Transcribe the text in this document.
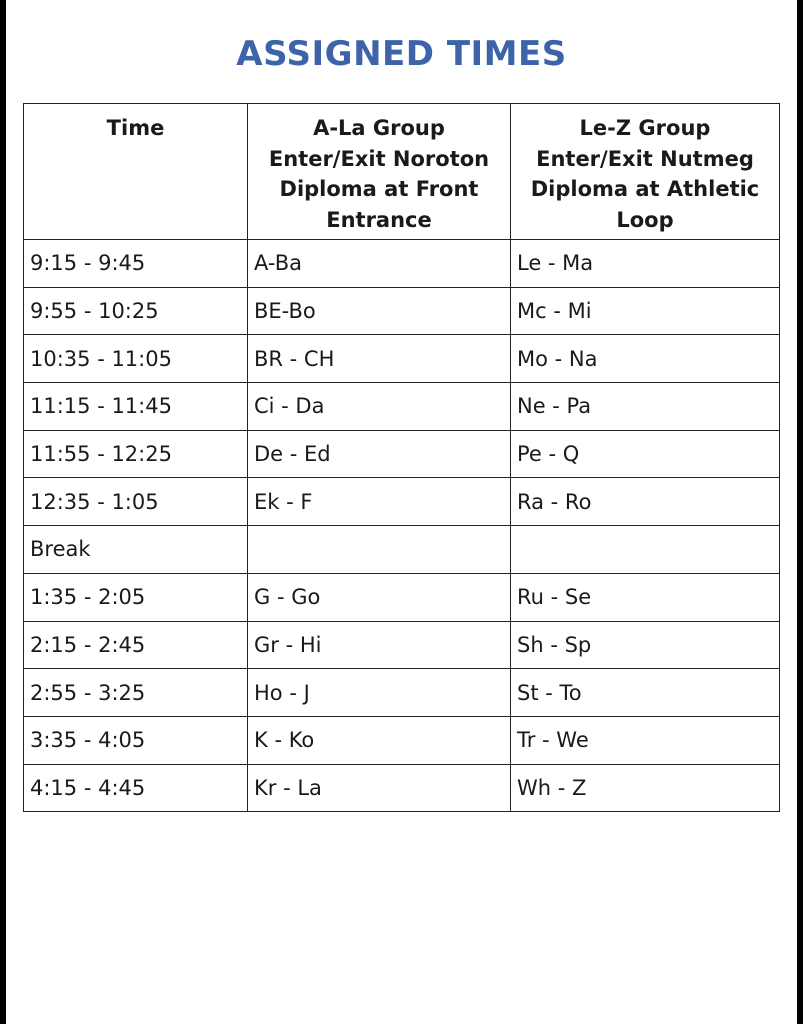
ASSIGNED TIMES
Time	A-La Group
Enter/Exit Noroton
Diploma at Front
Entrance	Le-Z Group
Enter/Exit Nutmeg
Diploma at Athletic
Loop

9:15 - 9:45	A-Ba	Le - Ma
9:55 - 10:25	BE-Bo	Mc - Mi
10:35 - 11:05	BR - CH	Mo - Na
11:15 - 11:45	Ci - Da	Ne - Pa
11:55 - 12:25	De - Ed	Pe - Q
12:35 - 1:05	Ek - F	Ra - Ro
Break		
1:35 - 2:05	G - Go	Ru - Se
2:15 - 2:45	Gr - Hi	Sh - Sp
2:55 - 3:25	Ho - J	St - To
3:35 - 4:05	K - Ko	Tr - We
4:15 - 4:45	Kr - La	Wh - Z
